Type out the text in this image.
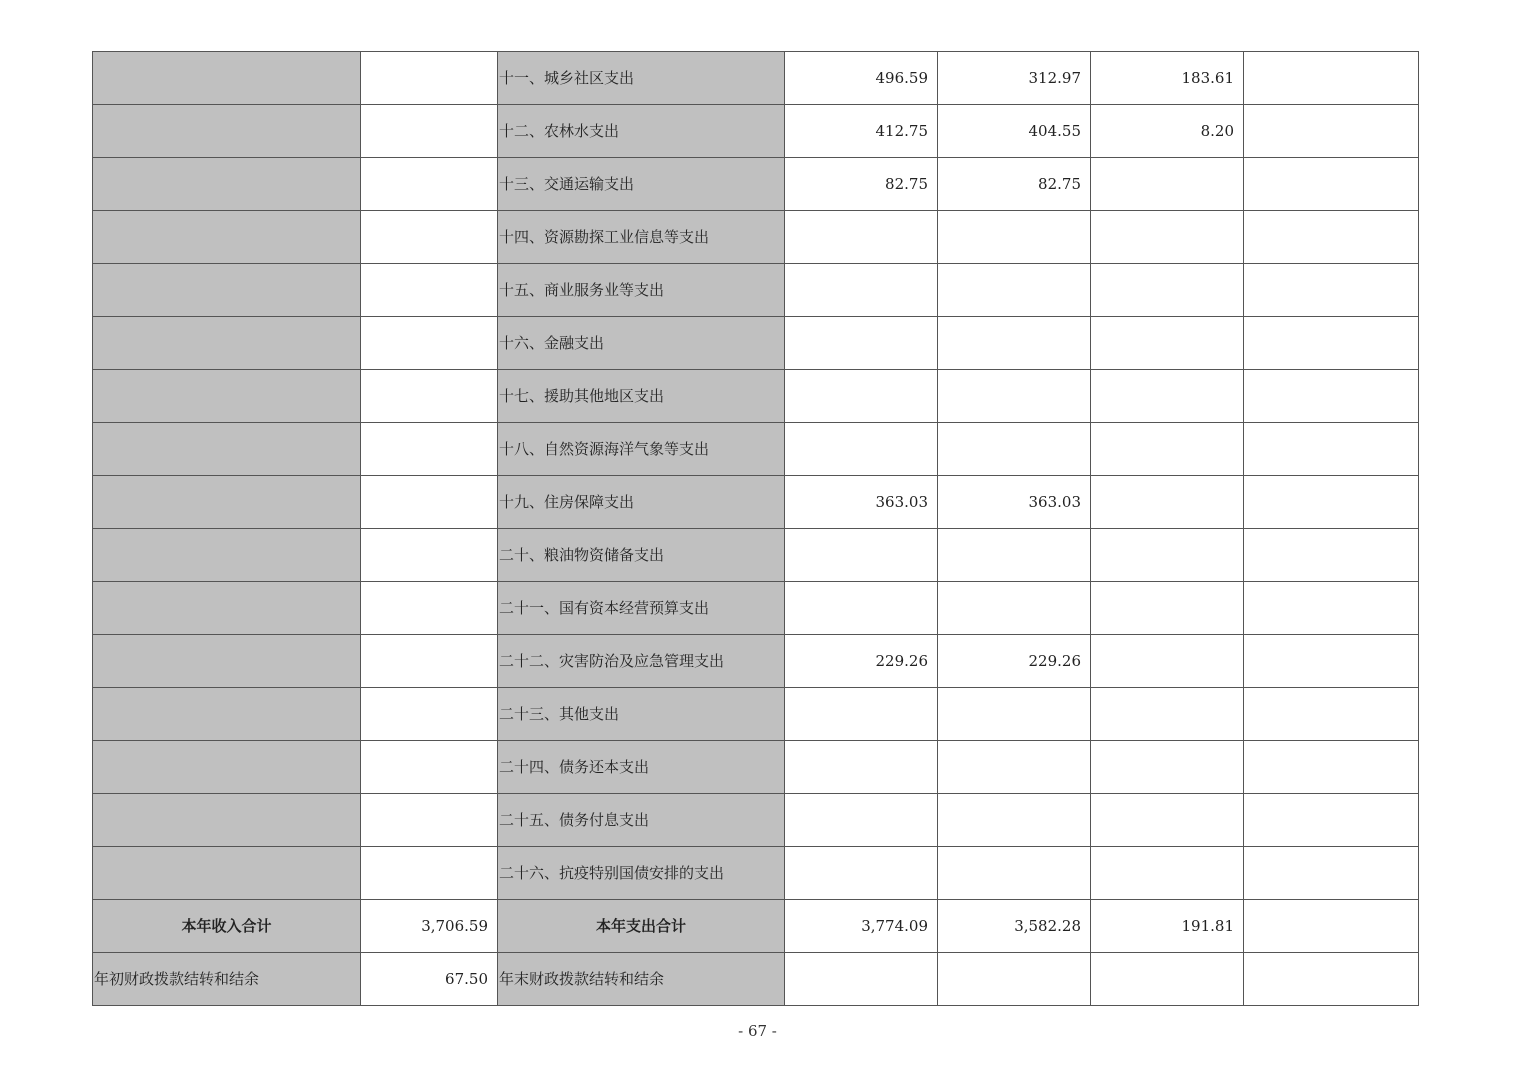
		十一、城乡社区支出	496.59	312.97	183.61	
		十二、农林水支出	412.75	404.55	8.20	
		十三、交通运输支出	82.75	82.75		
		十四、资源勘探工业信息等支出				
		十五、商业服务业等支出				
		十六、金融支出				
		十七、援助其他地区支出				
		十八、自然资源海洋气象等支出				
		十九、住房保障支出	363.03	363.03		
		二十、粮油物资储备支出				
		二十一、国有资本经营预算支出				
		二十二、灾害防治及应急管理支出	229.26	229.26		
		二十三、其他支出				
		二十四、债务还本支出				
		二十五、债务付息支出				
		二十六、抗疫特别国债安排的支出				
本年收入合计	3,706.59	本年支出合计	3,774.09	3,582.28	191.81	
年初财政拨款结转和结余	67.50	年末财政拨款结转和结余				
- 67 -
